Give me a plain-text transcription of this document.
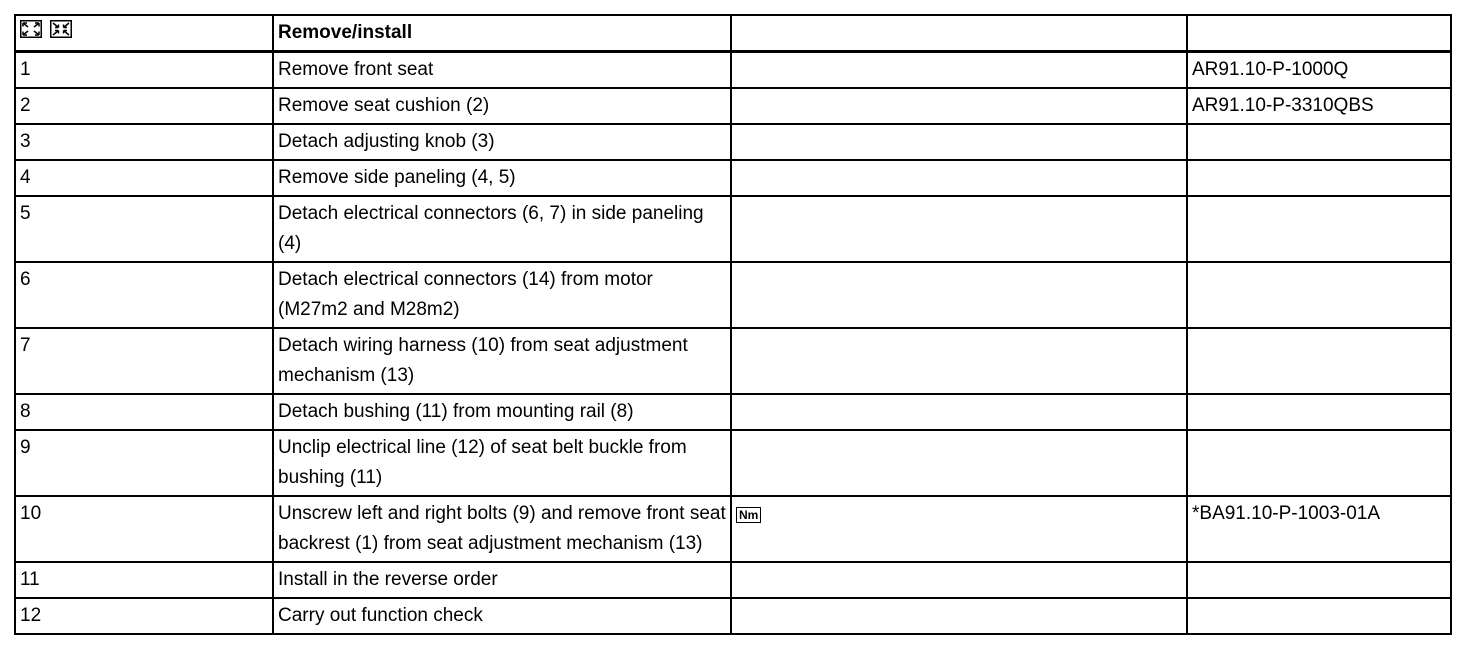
	Remove/install		
1	Remove front seat		AR91.10-P-1000Q
2	Remove seat cushion (2)		AR91.10-P-3310QBS
3	Detach adjusting knob (3)		
4	Remove side paneling (4, 5)		
5	Detach electrical connectors (6, 7) in side paneling (4)		
6	Detach electrical connectors (14) from motor (M27m2 and M28m2)		
7	Detach wiring harness (10) from seat adjustment mechanism (13)		
8	Detach bushing (11) from mounting rail (8)		
9	Unclip electrical line (12) of seat belt buckle from bushing (11)		
10	Unscrew left and right bolts (9) and remove front seat backrest (1) from seat adjustment mechanism (13)	Nm	*BA91.10-P-1003-01A
11	Install in the reverse order		
12	Carry out function check		
